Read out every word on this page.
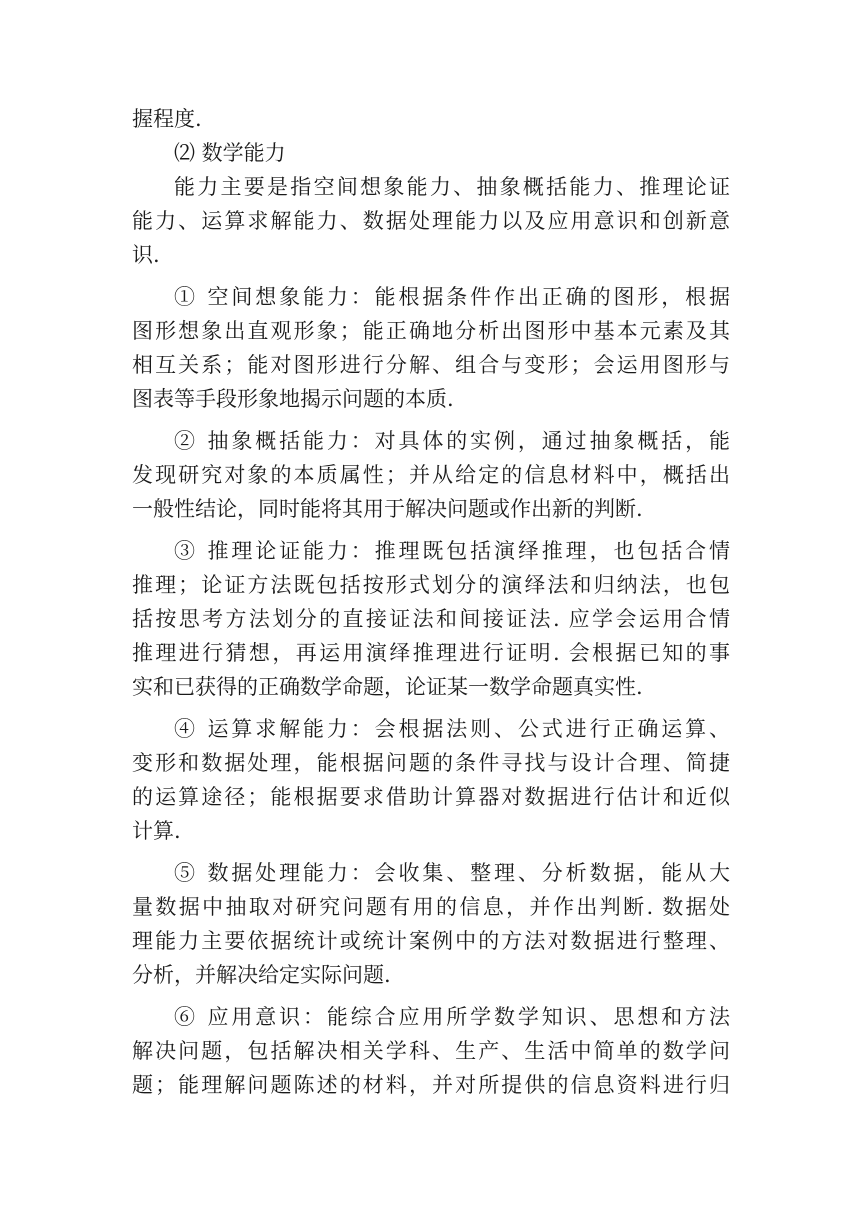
握程度.
⑵ 数学能力
能力主要是指空间想象能力、抽象概括能力、推理论证
能力、运算求解能力、数据处理能力以及应用意识和创新意
识.
① 空间想象能力：能根据条件作出正确的图形，根据
图形想象出直观形象；能正确地分析出图形中基本元素及其
相互关系；能对图形进行分解、组合与变形；会运用图形与
图表等手段形象地揭示问题的本质.
② 抽象概括能力：对具体的实例，通过抽象概括，能
发现研究对象的本质属性；并从给定的信息材料中，概括出
一般性结论，同时能将其用于解决问题或作出新的判断.
③ 推理论证能力：推理既包括演绎推理，也包括合情
推理；论证方法既包括按形式划分的演绎法和归纳法，也包
括按思考方法划分的直接证法和间接证法. 应学会运用合情
推理进行猜想，再运用演绎推理进行证明. 会根据已知的事
实和已获得的正确数学命题，论证某一数学命题真实性.
④ 运算求解能力：会根据法则、公式进行正确运算、
变形和数据处理，能根据问题的条件寻找与设计合理、简捷
的运算途径；能根据要求借助计算器对数据进行估计和近似
计算.
⑤ 数据处理能力：会收集、整理、分析数据，能从大
量数据中抽取对研究问题有用的信息，并作出判断. 数据处
理能力主要依据统计或统计案例中的方法对数据进行整理、
分析，并解决给定实际问题.
⑥ 应用意识：能综合应用所学数学知识、思想和方法
解决问题，包括解决相关学科、生产、生活中简单的数学问
题；能理解问题陈述的材料，并对所提供的信息资料进行归
